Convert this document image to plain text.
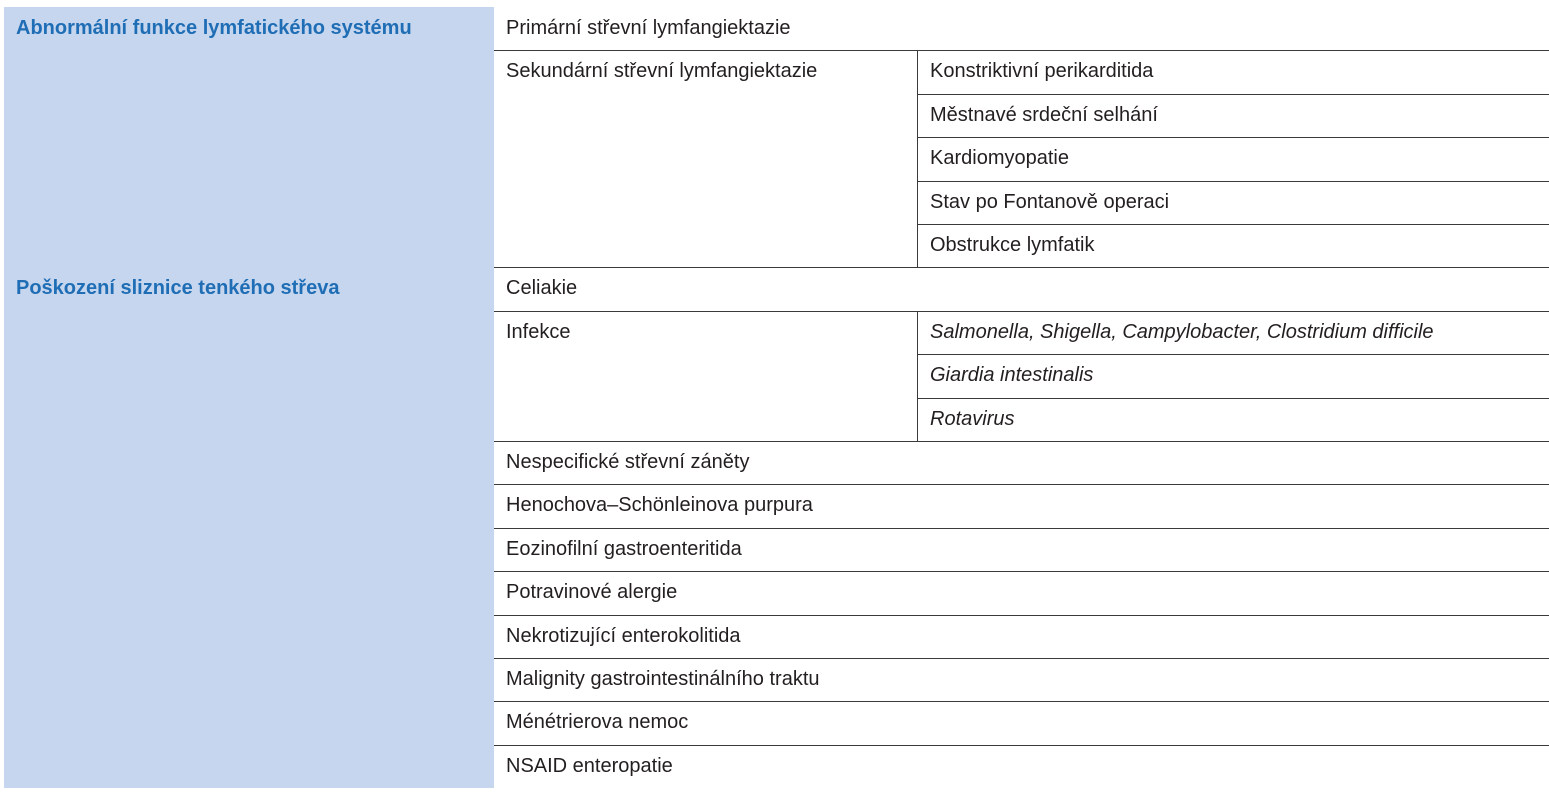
Abnormální funkce lymfatického systému	Primární střevní lymfangiektazie
Sekundární střevní lymfangiektazie	Konstriktivní perikarditida
Městnavé srdeční selhání
Kardiomyopatie
Stav po Fontanově operaci
Obstrukce lymfatik
Poškození sliznice tenkého střeva	Celiakie
Infekce	Salmonella, Shigella, Campylobacter, Clostridium difficile
Giardia intestinalis
Rotavirus
Nespecifické střevní záněty
Henochova–Schönleinova purpura
Eozinofilní gastroenteritida
Potravinové alergie
Nekrotizující enterokolitida
Malignity gastrointestinálního traktu
Ménétrierova nemoc
NSAID enteropatie
